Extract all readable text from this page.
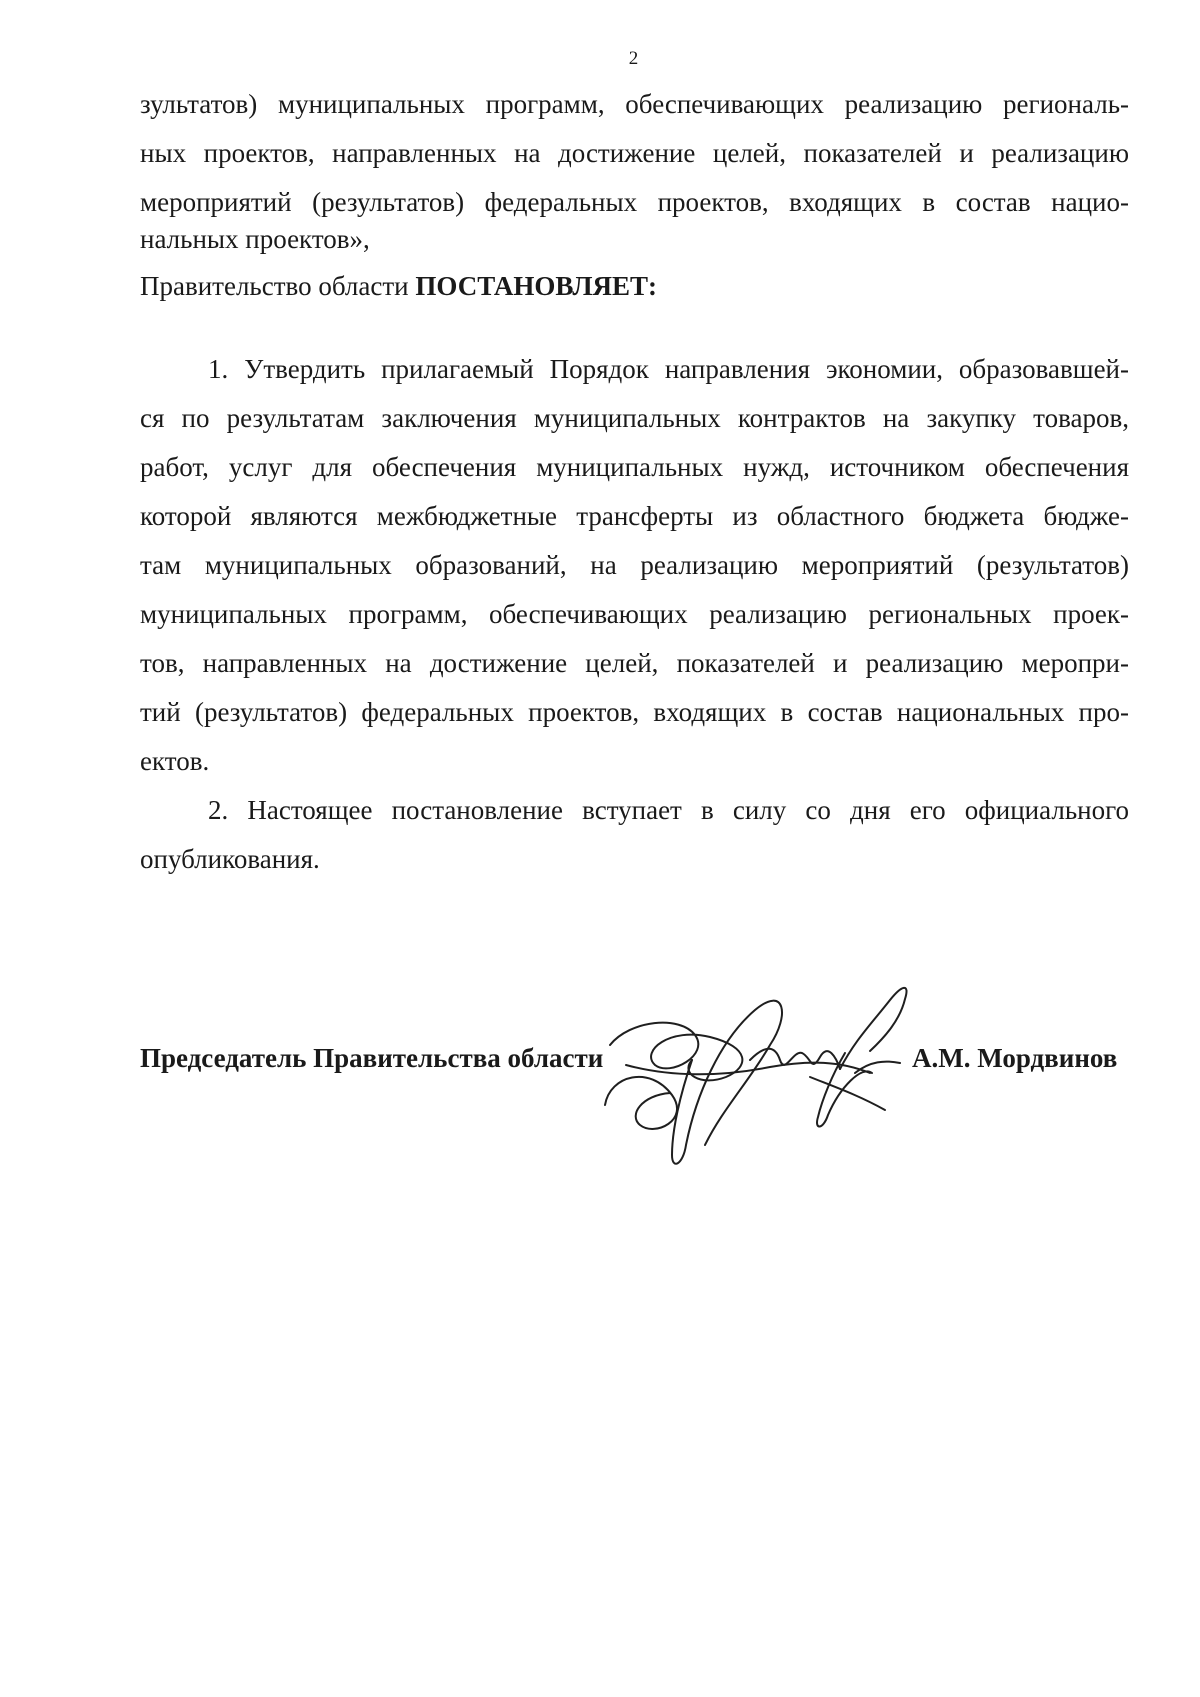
2

зультатов) муниципальных программ, обеспечивающих реализацию региональ-

ных проектов, направленных на достижение целей, показателей и реализацию

мероприятий (результатов) федеральных проектов, входящих в состав нацио-

нальных проектов»,

Правительство области ПОСТАНОВЛЯЕТ:

1. Утвердить прилагаемый Порядок направления экономии, образовавшей-

ся по результатам заключения муниципальных контрактов на закупку товаров,

работ, услуг для обеспечения муниципальных нужд, источником обеспечения

которой являются межбюджетные трансферты из областного бюджета бюдже-

там муниципальных образований, на реализацию мероприятий (результатов)

муниципальных программ, обеспечивающих реализацию региональных проек-

тов, направленных на достижение целей, показателей и реализацию меропри-

тий (результатов) федеральных проектов, входящих в состав национальных про-

ектов.

2. Настоящее постановление вступает в силу со дня его официального

опубликования.

Председатель Правительства области	А.М. Мордвинов
